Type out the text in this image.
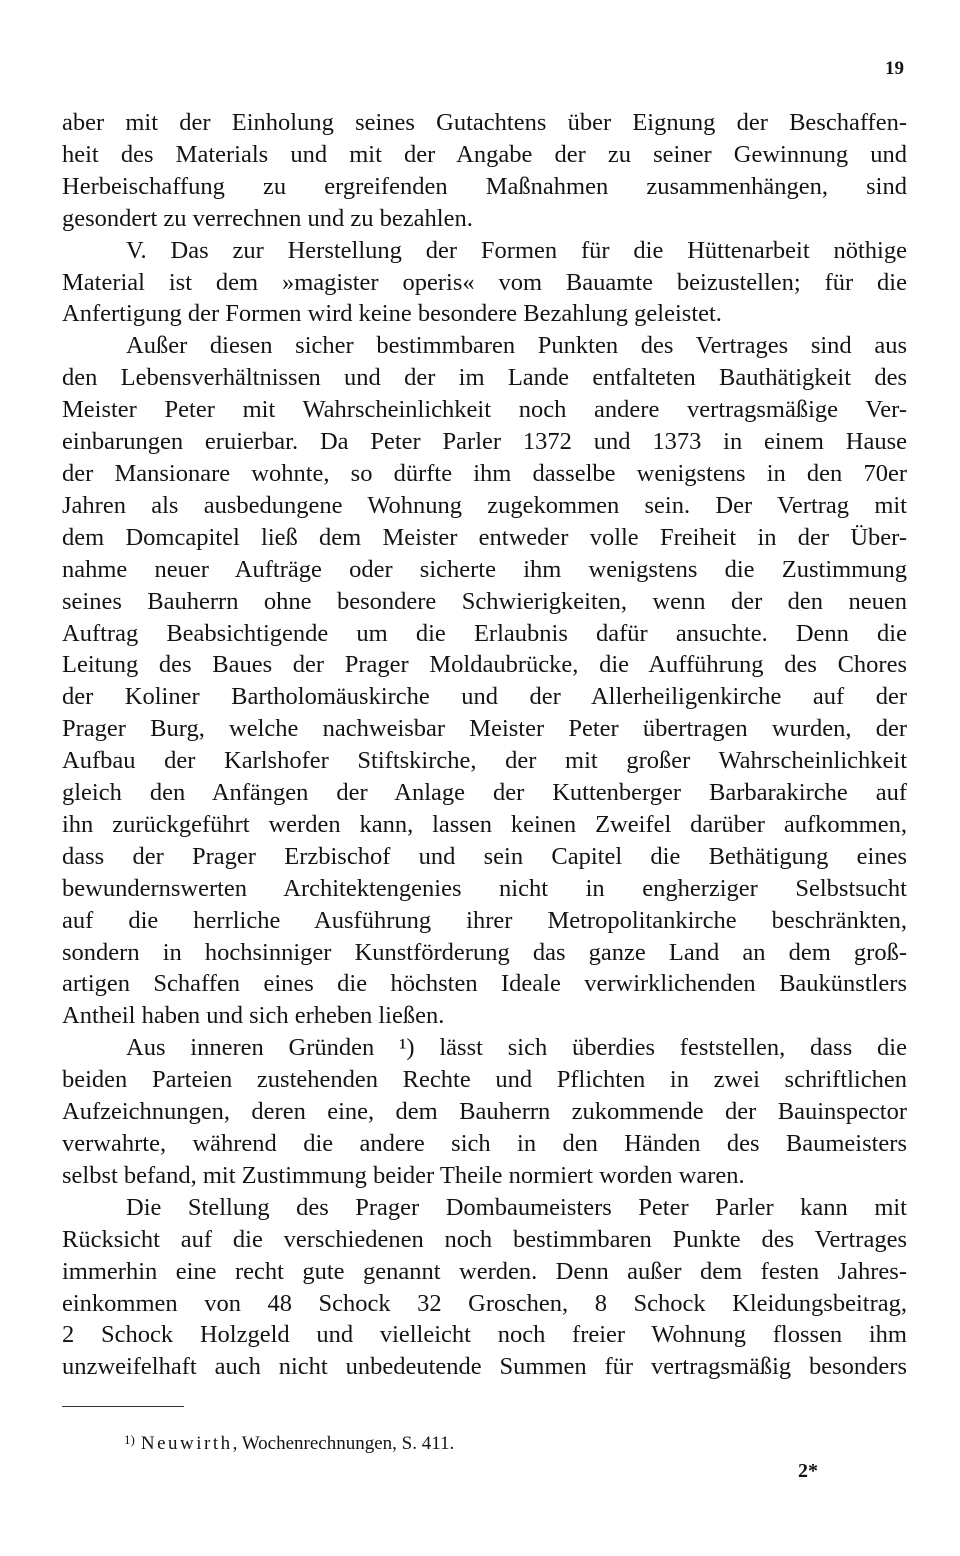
19

aber mit der Einholung seines Gutachtens über Eignung der Beschaffen-
heit des Materials und mit der Angabe der zu seiner Gewinnung und
Herbeischaffung zu ergreifenden Maßnahmen zusammenhängen, sind
gesondert zu verrechnen und zu bezahlen.

V. Das zur Herstellung der Formen für die Hüttenarbeit nöthige
Material ist dem »magister operis« vom Bauamte beizustellen; für die
Anfertigung der Formen wird keine besondere Bezahlung geleistet.

Außer diesen sicher bestimmbaren Punkten des Vertrages sind aus
den Lebensverhältnissen und der im Lande entfalteten Bauthätigkeit des
Meister Peter mit Wahrscheinlichkeit noch andere vertragsmäßige Ver-
einbarungen eruierbar. Da Peter Parler 1372 und 1373 in einem Hause
der Mansionare wohnte, so dürfte ihm dasselbe wenigstens in den 70er
Jahren als ausbedungene Wohnung zugekommen sein. Der Vertrag mit
dem Domcapitel ließ dem Meister entweder volle Freiheit in der Über-
nahme neuer Aufträge oder sicherte ihm wenigstens die Zustimmung
seines Bauherrn ohne besondere Schwierigkeiten, wenn der den neuen
Auftrag Beabsichtigende um die Erlaubnis dafür ansuchte. Denn die
Leitung des Baues der Prager Moldaubrücke, die Aufführung des Chores
der Koliner Bartholomäuskirche und der Allerheiligenkirche auf der
Prager Burg, welche nachweisbar Meister Peter übertragen wurden, der
Aufbau der Karlshofer Stiftskirche, der mit großer Wahrscheinlichkeit
gleich den Anfängen der Anlage der Kuttenberger Barbarakirche auf
ihn zurückgeführt werden kann, lassen keinen Zweifel darüber aufkommen,
dass der Prager Erzbischof und sein Capitel die Bethätigung eines
bewundernswerten Architektengenies nicht in engherziger Selbstsucht
auf die herrliche Ausführung ihrer Metropolitankirche beschränkten,
sondern in hochsinniger Kunstförderung das ganze Land an dem groß-
artigen Schaffen eines die höchsten Ideale verwirklichenden Baukünstlers
Antheil haben und sich erheben ließen.

Aus inneren Gründen ¹) lässt sich überdies feststellen, dass die
beiden Parteien zustehenden Rechte und Pflichten in zwei schriftlichen
Aufzeichnungen, deren eine, dem Bauherrn zukommende der Bauinspector
verwahrte, während die andere sich in den Händen des Baumeisters
selbst befand, mit Zustimmung beider Theile normiert worden waren.

Die Stellung des Prager Dombaumeisters Peter Parler kann mit
Rücksicht auf die verschiedenen noch bestimmbaren Punkte des Vertrages
immerhin eine recht gute genannt werden. Denn außer dem festen Jahres-
einkommen von 48 Schock 32 Groschen, 8 Schock Kleidungsbeitrag,
2 Schock Holzgeld und vielleicht noch freier Wohnung flossen ihm
unzweifelhaft auch nicht unbedeutende Summen für vertragsmäßig besonders

$^{1)}$ Neuwirth, Wochenrechnungen, S. 411.
2*
